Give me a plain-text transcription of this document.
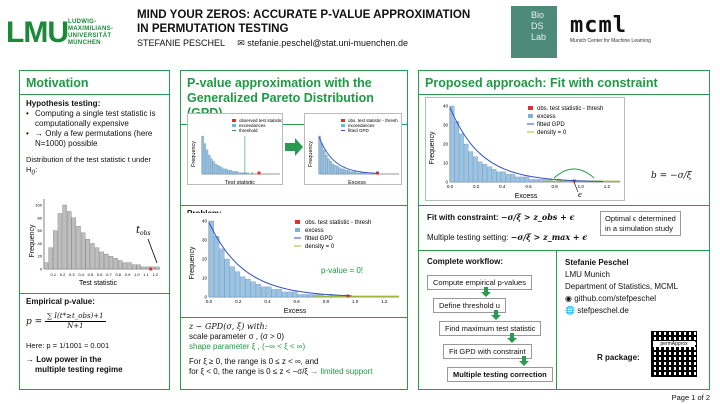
LMU LUDWIG-
MAXIMILIANS-
UNIVERSITÄT
MÜNCHEN
MIND YOUR ZEROS: ACCURATE P-VALUE APPROXIMATION
IN PERMUTATION TESTING
STEFANIE PESCHEL ✉ stefanie.peschel@stat.uni-muenchen.de
Bio
DS Lab	mcml
Munich Center for Machine Learning
Motivation
Hypothesis testing:
• Computing a single test statistic is computationally expensive
• → Only a few permutations (here N=1000) possible
Distribution of the test statistic t under $H_0$:
Frequency
Test statistic
$t_{obs}$
0.1 0.2 0.3 0.4 0.5 0.6 0.7 0.8 0.9 1.0 1.1 1.2
0
20
40
60
80
100
Empirical p-value:
p =
∑ I(t*≥t_obs)+1
N+1
Here: p = 1/1001 ≈ 0.001
→ Low power in the
multiple testing regime
P-value approximation with the
Generalized Pareto Distribution (GPD)
Frequency
Test statistic
observed test statistic
exceedances
threshold
Frequency
Excess
obs. test statistic - thresh
exceedances
fitted GPD
Problem:
Frequency
Excess
obs. test statistic - thresh
excess
fitted GPD
density = 0
p-value = 0!
0.0	0.2	0.4	0.6	0.8	1.0	1.2
0
10
20
30
40
z ∼ GPD(σ, ξ) with:
scale parameter σ , (σ > 0)
shape parameter ξ , (−∞ < ξ < ∞)
For ξ ≥ 0, the range is 0 ≤ z < ∞, and
for ξ < 0, the range is 0 ≤ z < −σ/ξ → limited support
Proposed approach: Fit with constraint
Frequency
Excess
obs. test statistic - thresh
excess
fitted GPD
density = 0
ϵ
0.0	0.2	0.4	0.6	0.8	1.0	1.2
0
10
20
30
40
b = −σ/ξ
Fit with constraint: −σ/ξ > z_obs + ϵ
Multiple testing setting: −σ/ξ > z_max + ϵ
Optimal ϵ determined
in a simulation study
Complete workflow:
Compute empirical p-values
Define threshold u
Find maximum test statistic
Fit GPD with constraint
Multiple testing correction
Stefanie Peschel
LMU Munich
Department of Statistics, MCML
◉ github.com/stefpeschel
🌐 stefpeschel.de
R package:
permApprox
Page 1 of 2
